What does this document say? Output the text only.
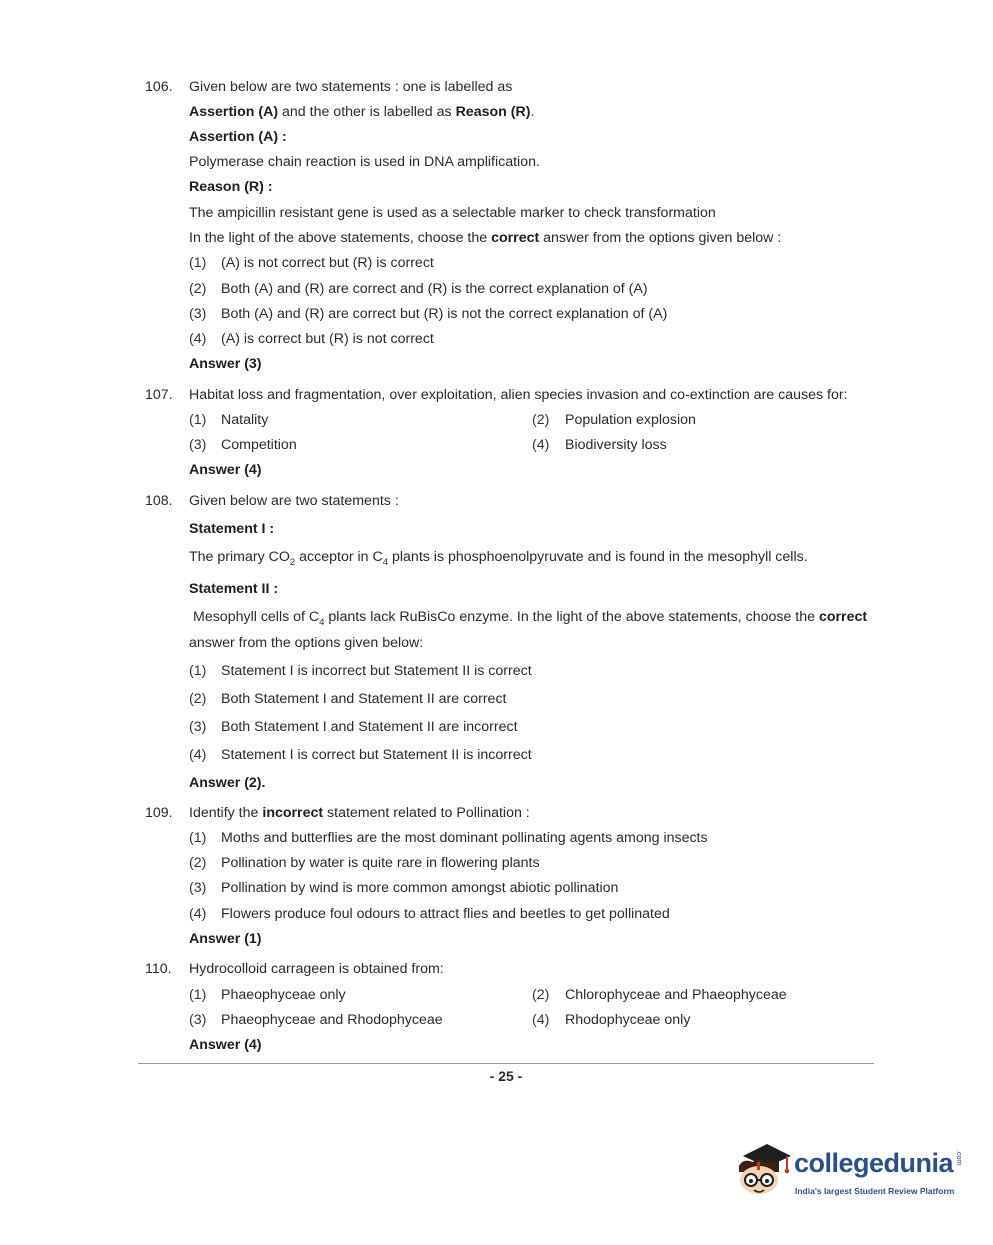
106. Given below are two statements : one is labelled as
Assertion (A) and the other is labelled as Reason (R).
Assertion (A) :
Polymerase chain reaction is used in DNA amplification.
Reason (R) :
The ampicillin resistant gene is used as a selectable marker to check transformation
In the light of the above statements, choose the correct answer from the options given below :
(1) (A) is not correct but (R) is correct
(2) Both (A) and (R) are correct and (R) is the correct explanation of (A)
(3) Both (A) and (R) are correct but (R) is not the correct explanation of (A)
(4) (A) is correct but (R) is not correct
Answer (3)
107. Habitat loss and fragmentation, over exploitation, alien species invasion and co-extinction are causes for:
(1) Natality	(2) Population explosion
(3) Competition	(4) Biodiversity loss
Answer (4)
108. Given below are two statements :
Statement I :
The primary $CO_2$ acceptor in $C_4$ plants is phosphoenolpyruvate and is found in the mesophyll cells.
Statement II :
Mesophyll cells of $C_4$ plants lack RuBisCo enzyme. In the light of the above statements, choose the correct
answer from the options given below:
(1) Statement I is incorrect but Statement II is correct
(2) Both Statement I and Statement II are correct
(3) Both Statement I and Statement II are incorrect
(4) Statement I is correct but Statement II is incorrect
Answer (2).
109. Identify the incorrect statement related to Pollination :
(1) Moths and butterflies are the most dominant pollinating agents among insects
(2) Pollination by water is quite rare in flowering plants
(3) Pollination by wind is more common amongst abiotic pollination
(4) Flowers produce foul odours to attract flies and beetles to get pollinated
Answer (1)
110. Hydrocolloid carrageen is obtained from:
(1) Phaeophyceae only	(2) Chlorophyceae and Phaeophyceae
(3) Phaeophyceae and Rhodophyceae	(4) Rhodophyceae only
Answer (4)
- 25 -
collegedunia .com
India's largest Student Review Platform
